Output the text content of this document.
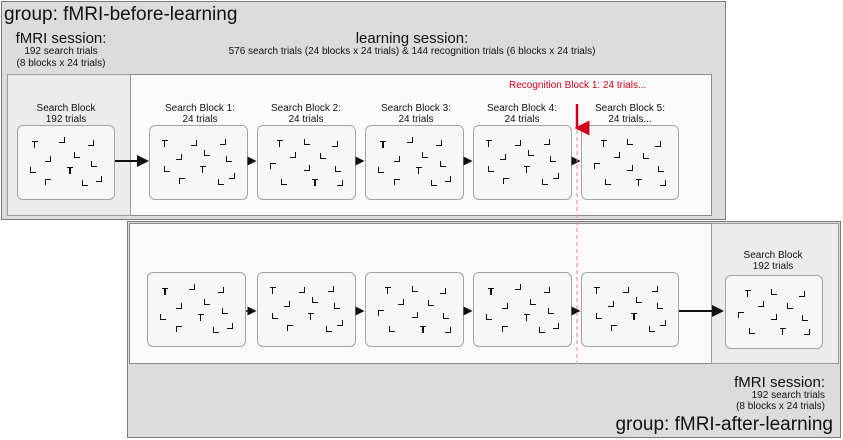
group: fMRI-before-learning
fMRI session:
192 search trials
(8 blocks x 24 trials)
learning session:
576 search trials (24 blocks x 24 trials) & 144 recognition trials (6 blocks x 24 trials)
Search Block
192 trials
Search Block 1:
24 trials
Search Block 2:
24 trials
Search Block 3:
24 trials
Search Block 4:
24 trials
Search Block 5:
24 trials...
Recognition Block 1: 24 trials...
Search Block
192 trials
fMRI session:
192 search trials
(8 blocks x 24 trials)
group: fMRI-after-learning
